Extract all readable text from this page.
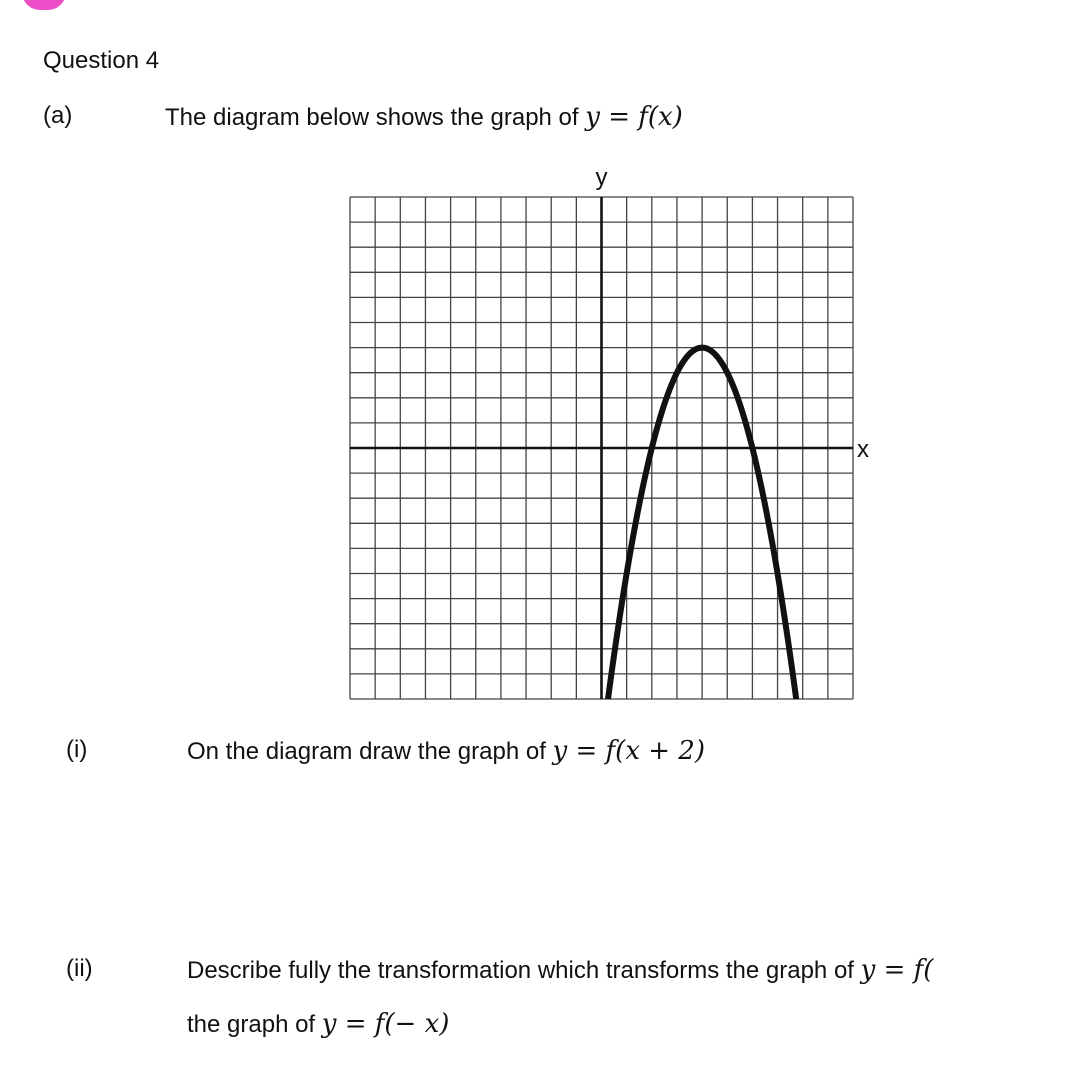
Question 4
(a)	The diagram below shows the graph of y = f(x)
y
x
(i)	On the diagram draw the graph of y = f(x + 2)
(ii)	Describe fully the transformation which transforms the graph of y = f(
the graph of y = f(− x)
